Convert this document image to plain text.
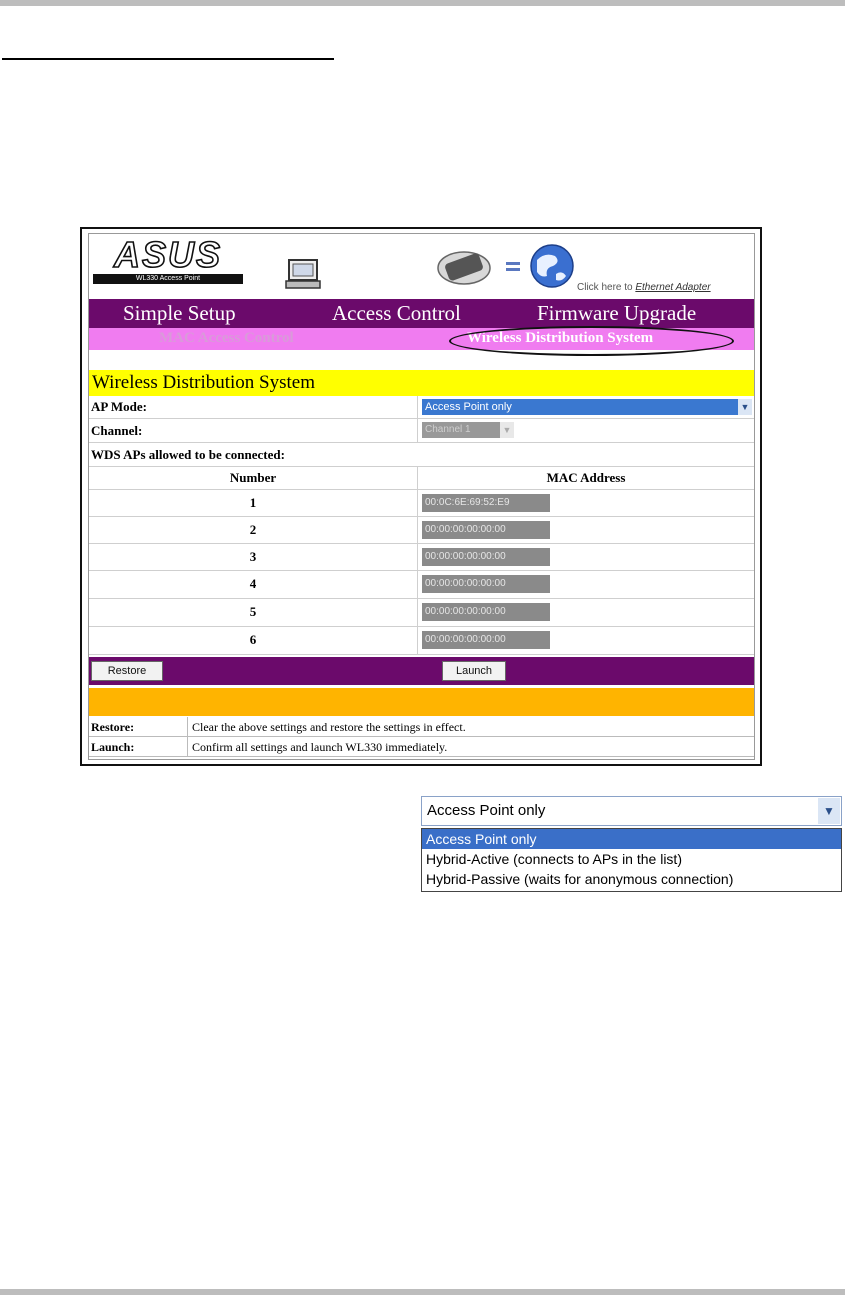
ASUS
WL330 Access Point
Click here to Ethernet Adapter
Simple Setup	Access Control	Firmware Upgrade
MAC Access Control	Wireless Distribution System
Wireless Distribution System
AP Mode:	Access Point only	▼
Channel:	Channel 1	▼
WDS APs allowed to be connected:
Number	MAC Address
1	00:0C:6E:69:52:E9
2	00:00:00:00:00:00
3	00:00:00:00:00:00
4	00:00:00:00:00:00
5	00:00:00:00:00:00
6	00:00:00:00:00:00
Restore	Launch
Restore:	Clear the above settings and restore the settings in effect.
Launch:	Confirm all settings and launch WL330 immediately.
Access Point only	▼
Access Point only
Hybrid-Active (connects to APs in the list)
Hybrid-Passive (waits for anonymous connection)
